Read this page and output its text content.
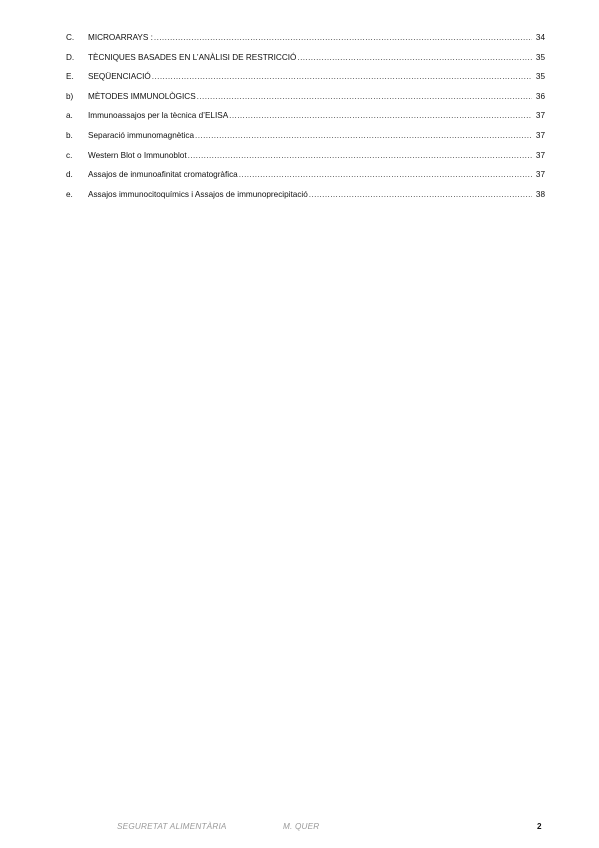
C.	MICROARRAYS : .....	34
D.	TÈCNIQUES BASADES EN L’ANÀLISI DE RESTRICCIÓ .....	35
E.	SEQÜENCIACIÓ .....	35
b)	MÈTODES IMMUNOLÒGICS .....	36
a.	Immunoassajos per la tècnica d’ELISA .....	37
b.	Separació immunomagnètica .....	37
c.	Western Blot o Immunoblot .....	37
d.	Assajos de inmunoafinitat cromatogràfica .....	37
e.	Assajos immunocitoquímics i Assajos de immunoprecipitació .....	38
SEGURETAT ALIMENTÀRIA	M. QUER	2
